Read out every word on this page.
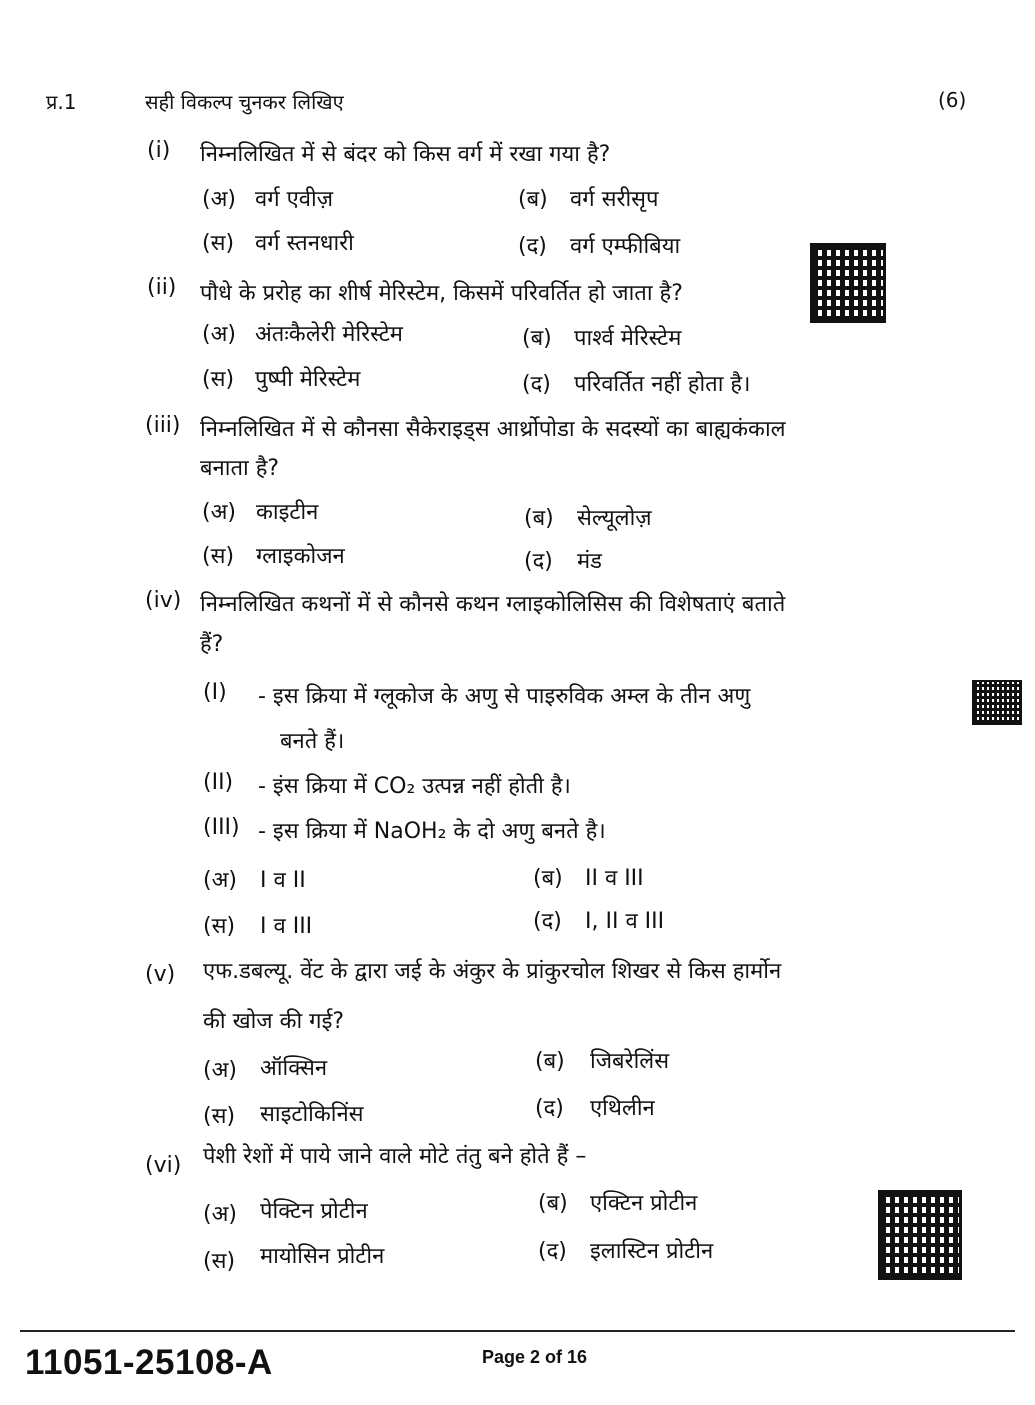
प्र.1	सही विकल्प चुनकर लिखिए	(6)
(i) निम्नलिखित में से बंदर को किस वर्ग में रखा गया है?
(अ) वर्ग एवीज़	(ब) वर्ग सरीसृप
(स) वर्ग स्तनधारी	(द) वर्ग एम्फीबिया
(ii) पौधे के प्ररोह का शीर्ष मेरिस्टेम, किसमें परिवर्तित हो जाता है?
(अ) अंतःकैलेरी मेरिस्टेम	(ब) पार्श्व मेरिस्टेम
(स) पुष्पी मेरिस्टेम	(द) परिवर्तित नहीं होता है।
(iii) निम्नलिखित में से कौनसा सैकेराइड्स आर्थ्रोपोडा के सदस्यों का बाह्यकंकाल
बनाता है?
(अ) काइटीन	(ब) सेल्यूलोज़
(स) ग्लाइकोजन	(द) मंड
(iv) निम्नलिखित कथनों में से कौनसे कथन ग्लाइकोलिसिस की विशेषताएं बताते
हैं?
(I) - इस क्रिया में ग्लूकोज के अणु से पाइरुविक अम्ल के तीन अणु
बनते हैं।
(II) - इंस क्रिया में CO₂ उत्पन्न नहीं होती है।
(III) - इस क्रिया में NaOH₂ के दो अणु बनते है।
(अ) I व II	(ब) II व III
(स) I व III	(द) I, II व III
(v) एफ.डबल्यू. वेंट के द्वारा जई के अंकुर के प्रांकुरचोल शिखर से किस हार्मोन
की खोज की गई?
(अ) ऑक्सिन	(ब) जिबरेलिंस
(स) साइटोकिनिंस	(द) एथिलीन
(vi) पेशी रेशों में पाये जाने वाले मोटे तंतु बने होते हैं –
(अ) पेक्टिन प्रोटीन	(ब) एक्टिन प्रोटीन
(स) मायोसिन प्रोटीन	(द) इलास्टिन प्रोटीन
11051-25108-A	Page 2 of 16
